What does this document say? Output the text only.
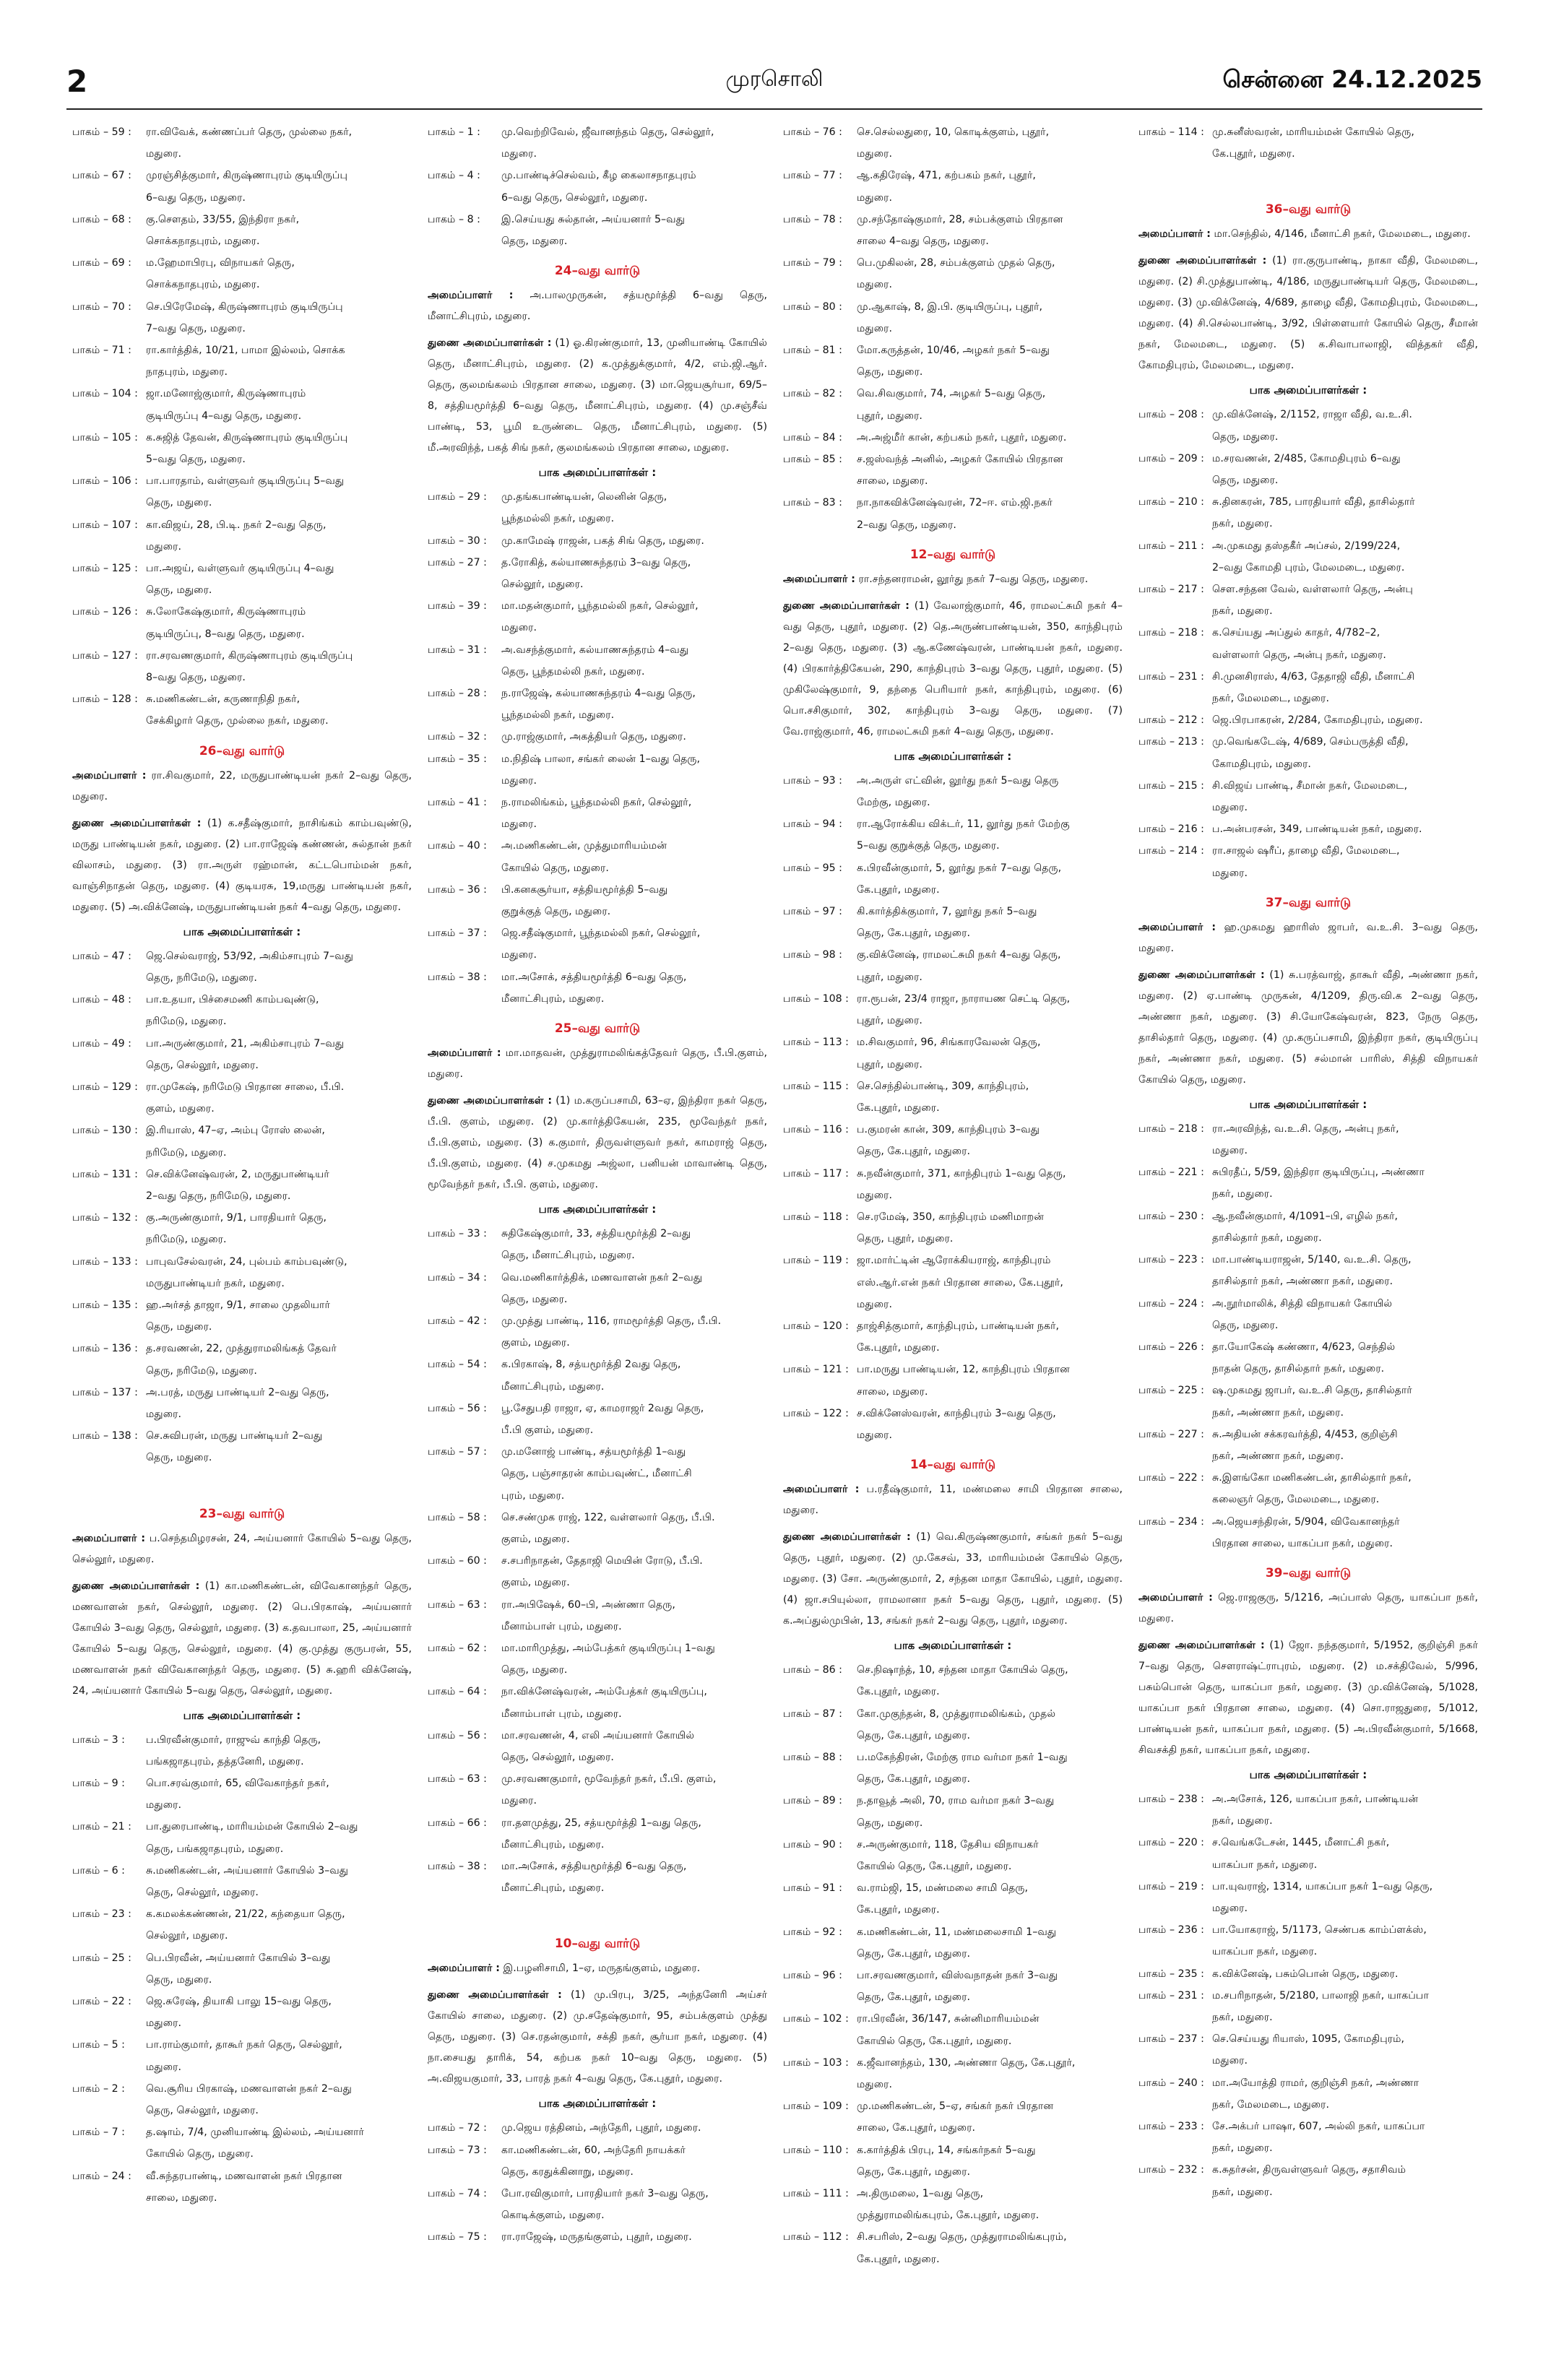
2	முரசொலி	சென்னை 24.12.2025
பாகம் – 59 :	ரா.விவேக், கண்ணப்பர் தெரு, முல்லை நகர்,
மதுரை.
பாகம் – 67 :	முரஞ்சித்குமார், கிருஷ்ணாபுரம் குடியிருப்பு
6–வது தெரு, மதுரை.
பாகம் – 68 :	கு.சௌதம், 33/55, இந்திரா நகர்,
சொக்கநாதபுரம், மதுரை.
பாகம் – 69 :	ம.ஹேமாபிரபு, விநாயகர் தெரு,
சொக்கநாதபுரம், மதுரை.
பாகம் – 70 :	செ.பிரேமேஷ், கிருஷ்ணாபுரம் குடியிருப்பு
7–வது தெரு, மதுரை.
பாகம் – 71 :	ரா.கார்த்திக், 10/21, பாமா இல்லம், சொக்க
நாதபுரம், மதுரை.
பாகம் – 104 : ஜா.மனோஜ்குமார், கிருஷ்ணாபுரம்
குடியிருப்பு 4–வது தெரு, மதுரை.
பாகம் – 105 : க.சுஜித் தேவன், கிருஷ்ணாபுரம் குடியிருப்பு
5–வது தெரு, மதுரை.
பாகம் – 106 : பா.பாரதாம், வள்ளுவர் குடியிருப்பு 5–வது
தெரு, மதுரை.
பாகம் – 107 : கா.விஜய், 28, பி.டி. நகர் 2–வது தெரு,
மதுரை.
பாகம் – 125 : பா.அஜய், வள்ளுவர் குடியிருப்பு 4–வது
தெரு, மதுரை.
பாகம் – 126 : சு.லோகேஷ்குமார், கிருஷ்ணாபுரம்
குடியிருப்பு, 8–வது தெரு, மதுரை.
பாகம் – 127 : ரா.சரவணகுமார், கிருஷ்ணாபுரம் குடியிருப்பு
8–வது தெரு, மதுரை.
பாகம் – 128 : சு.மணிகண்டன், கருணாநிதி நகர்,
சேக்கிழார் தெரு, முல்லை நகர், மதுரை.
26–வது வார்டு
அமைப்பாளர் : ரா.சிவகுமார், 22, மருதுபாண்டியன் நகர் 2–வது தெரு, மதுரை.
துணை அமைப்பாளர்கள் : (1) க.சதீஷ்குமார், நாசிங்கம் காம்பவுண்டு, மருது பாண்டியன் நகர், மதுரை. (2) பா.ராஜேஷ் கண்ணன், சுல்தான் நகர் விலாசம், மதுரை. (3) ரா.அருள் ரஹ்மான், கட்டபொம்மன் நகர், வாஞ்சிநாதன் தெரு, மதுரை. (4) குடியரசு, 19,மருது பாண்டியன் நகர், மதுரை. (5) அ.விக்னேஷ், மருதுபாண்டியன் நகர் 4–வது தெரு, மதுரை.
பாக அமைப்பாளர்கள் :
பாகம் – 47 :	ஜெ.செல்வராஜ், 53/92, அகிம்சாபுரம் 7–வது
தெரு, நரிமேடு, மதுரை.
பாகம் – 48 :	பா.உதயா, பிச்சைமணி காம்பவுண்டு,
நரிமேடு, மதுரை.
பாகம் – 49 :	பா.அருண்குமார், 21, அகிம்சாபுரம் 7–வது
தெரு, செல்லூர், மதுரை.
பாகம் – 129 : ரா.முகேஷ், நரிமேடு பிரதான சாலை, பீ.பி.
குளம், மதுரை.
பாகம் – 130 : இ.ரியாஸ், 47–ஏ, அம்பு ரோஸ் லைன்,
நரிமேடு, மதுரை.
பாகம் – 131 : செ.விக்னேஷ்வரன், 2, மருதுபாண்டியர்
2–வது தெரு, நரிமேடு, மதுரை.
பாகம் – 132 : கு.அருண்குமார், 9/1, பாரதியார் தெரு,
நரிமேடு, மதுரை.
பாகம் – 133 : பாபுவசேல்வரன், 24, புல்பம் காம்பவுண்டு,
மருதுபாண்டியர் நகர், மதுரை.
பாகம் – 135 : ஹ.அர்சத் தாஜா, 9/1, சாலை முதலியார்
தெரு, மதுரை.
பாகம் – 136 : த.சரவணன், 22, முத்துராமலிங்கத் தேவர்
தெரு, நரிமேடு, மதுரை.
பாகம் – 137 : அ.பரத், மருது பாண்டியர் 2–வது தெரு,
மதுரை.
பாகம் – 138 : செ.சுவிபரன், மருது பாண்டியர் 2–வது
தெரு, மதுரை.
23–வது வார்டு
அமைப்பாளர் : ப.செந்தமிழரசன், 24, அய்யனார் கோயில் 5–வது தெரு, செல்லூர், மதுரை.
துணை அமைப்பாளர்கள் : (1) கா.மணிகண்டன், விவேகானந்தர் தெரு, மணவாளன் நகர், செல்லூர், மதுரை. (2) பெ.பிரகாஷ், அய்யனார் கோயில் 3–வது தெரு, செல்லூர், மதுரை. (3) க.தவபாலா, 25, அய்யனார் கோயில் 5–வது தெரு, செல்லூர், மதுரை. (4) கு.முத்து குருபரன், 55, மணவாளன் நகர் விவேகானந்தர் தெரு, மதுரை. (5) சு.ஹரி விக்னேஷ், 24, அய்யனார் கோயில் 5–வது தெரு, செல்லூர், மதுரை.
பாக அமைப்பாளர்கள் :
பாகம் – 3 :	ப.பிரவீன்குமார், ராஜுவ் காந்தி தெரு,
பங்கஜாதபுரம், தத்தனேரி, மதுரை.
பாகம் – 9 :	பொ.சரவ்குமார், 65, விவேகாந்தர் நகர்,
மதுரை.
பாகம் – 21 :	பா.துரைபாண்டி, மாரியம்மன் கோயில் 2–வது
தெரு, பங்கஜாதபுரம், மதுரை.
பாகம் – 6 :	சு.மணிகண்டன், அய்யனார் கோயில் 3–வது
தெரு, செல்லூர், மதுரை.
பாகம் – 23 :	க.கமலக்கண்ணன், 21/22, கந்தையா தெரு,
செல்லூர், மதுரை.
பாகம் – 25 :	பெ.பிரவீன், அய்யனார் கோயில் 3–வது
தெரு, மதுரை.
பாகம் – 22 :	ஜெ.சுரேஷ், தியாகி பாலு 15–வது தெரு,
மதுரை.
பாகம் – 5 :	பா.ராம்குமார், தாகூர் நகர் தெரு, செல்லூர்,
மதுரை.
பாகம் – 2 :	வெ.சூரிய பிரகாஷ், மணவாளன் நகர் 2–வது
தெரு, செல்லூர், மதுரை.
பாகம் – 7 :	த.ஷாம், 7/4, முனியாண்டி இல்லம், அய்யனார்
கோயில் தெரு, மதுரை.
பாகம் – 24 :	வீ.சுந்தரபாண்டி, மணவாளன் நகர் பிரதான
சாலை, மதுரை.
பாகம் – 1 :	மு.வெற்றிவேல், ஜீவானந்தம் தெரு, செல்லூர்,
மதுரை.
பாகம் – 4 :	மு.பாண்டிச்செல்வம், கீழ கைலாசநாதபுரம்
6–வது தெரு, செல்லூர், மதுரை.
பாகம் – 8 :	இ.செய்யது சுல்தான், அய்யனார் 5–வது
தெரு, மதுரை.
24–வது வார்டு
அமைப்பாளர் : அ.பாலமுருகன், சத்யமூர்த்தி 6–வது தெரு, மீனாட்சிபுரம், மதுரை.
துணை அமைப்பாளர்கள் : (1) ஓ.கிரண்குமார், 13, முனியாண்டி கோயில் தெரு, மீனாட்சிபுரம், மதுரை. (2) க.முத்துக்குமார், 4/2, எம்.ஜி.ஆர். தெரு, குலமங்கலம் பிரதான சாலை, மதுரை. (3) மா.ஜெயசூர்யா, 69/5–8, சத்தியமூர்த்தி 6–வது தெரு, மீனாட்சிபுரம், மதுரை. (4) மு.சஞ்சீவ் பாண்டி, 53, பூமி உருண்டை தெரு, மீனாட்சிபுரம், மதுரை. (5) மீ.அரவிந்த், பகத் சிங் நகர், குலமங்கலம் பிரதான சாலை, மதுரை.
பாக அமைப்பாளர்கள் :
பாகம் – 29 :	மு.தங்கபாண்டியன், லெனின் தெரு,
பூந்தமல்லி நகர், மதுரை.
பாகம் – 30 :	மு.காமேஷ் ராஜன், பகத் சிங் தெரு, மதுரை.
பாகம் – 27 :	த.ரோகித், கல்யாணசுந்தரம் 3–வது தெரு,
செல்லூர், மதுரை.
பாகம் – 39 :	மா.மதன்குமார், பூந்தமல்லி நகர், செல்லூர்,
மதுரை.
பாகம் – 31 :	அ.வசந்த்குமார், கல்யாணசுந்தரம் 4–வது
தெரு, பூந்தமல்லி நகர், மதுரை.
பாகம் – 28 :	ந.ராஜேஷ், கல்யாணசுந்தரம் 4–வது தெரு,
பூந்தமல்லி நகர், மதுரை.
பாகம் – 32 :	மு.ராஜ்குமார், அகத்தியர் தெரு, மதுரை.
பாகம் – 35 :	ம.நிதிஷ் பாலா, சங்கர் லைன் 1–வது தெரு,
மதுரை.
பாகம் – 41 :	ந.ராமலிங்கம், பூந்தமல்லி நகர், செல்லூர்,
மதுரை.
பாகம் – 40 :	அ.மணிகண்டன், முத்துமாரியம்மன்
கோயில் தெரு, மதுரை.
பாகம் – 36 :	பி.கனகசூர்யா, சத்தியமூர்த்தி 5–வது
குறுக்குத் தெரு, மதுரை.
பாகம் – 37 :	ஜெ.சதீஷ்குமார், பூந்தமல்லி நகர், செல்லூர்,
மதுரை.
பாகம் – 38 :	மா.அசோக், சத்தியமூர்த்தி 6–வது தெரு,
மீனாட்சிபுரம், மதுரை.
25–வது வார்டு
அமைப்பாளர் : மா.மாதவன், முத்துராமலிங்கத்தேவர் தெரு, பீ.பி.குளம், மதுரை.
துணை அமைப்பாளர்கள் : (1) ம.கருப்பசாமி, 63–ஏ, இந்திரா நகர் தெரு, பீ.பி. குளம், மதுரை. (2) மு.கார்த்திகேயன், 235, மூவேந்தர் நகர், பீ.பி.குளம், மதுரை. (3) க.குமார், திருவள்ளுவர் நகர், காமராஜ் தெரு, பீ.பி.குளம், மதுரை. (4) ச.முகமது அஜ்லா, பனியன் மாவாண்டி தெரு, மூவேந்தர் நகர், பீ.பி. குளம், மதுரை.
பாக அமைப்பாளர்கள் :
பாகம் – 33 :	சுதிகேஷ்குமார், 33, சத்தியமூர்த்தி 2–வது
தெரு, மீனாட்சிபுரம், மதுரை.
பாகம் – 34 :	வெ.மணிகார்த்திக், மணவாளன் நகர் 2–வது
தெரு, மதுரை.
பாகம் – 42 :	மு.முத்து பாண்டி, 116, ராமமூர்த்தி தெரு, பீ.பி.
குளம், மதுரை.
பாகம் – 54 :	க.பிரகாஷ், 8, சத்யமூர்த்தி 2வது தெரு,
மீனாட்சிபுரம், மதுரை.
பாகம் – 56 :	பூ.சேதுபதி ராஜா, ஏ, காமராஜர் 2வது தெரு,
பீ.பி குளம், மதுரை.
பாகம் – 57 :	மு.மனோஜ் பாண்டி, சத்யமூர்த்தி 1–வது
தெரு, பஞ்சாதரன் காம்பவுண்ட், மீனாட்சி
புரம், மதுரை.
பாகம் – 58 :	செ.சண்முக ராஜ், 122, வள்ளலார் தெரு, பீ.பி.
குளம், மதுரை.
பாகம் – 60 :	ச.சபரிநாதன், தேதாஜி மெயின் ரோடு, பீ.பி.
குளம், மதுரை.
பாகம் – 63 :	ரா.அபிஷேக், 60–பி, அண்ணா தெரு,
மீனாம்பாள் புரம், மதுரை.
பாகம் – 62 :	மா.மாரிமுத்து, அம்பேத்கர் குடியிருப்பு 1–வது
தெரு, மதுரை.
பாகம் – 64 :	நா.விக்னேஷ்வரன், அம்பேத்கர் குடியிருப்பு,
மீனாம்பாள் புரம், மதுரை.
பாகம் – 56 :	மா.சரவணன், 4, எலி அய்யனார் கோயில்
தெரு, செல்லூர், மதுரை.
பாகம் – 63 :	மு.சரவணகுமார், மூவேந்தர் நகர், பீ.பி. குளம்,
மதுரை.
பாகம் – 66 :	ரா.தளமுத்து, 25, சத்யமூர்த்தி 1–வது தெரு,
மீனாட்சிபுரம், மதுரை.
பாகம் – 38 :	மா.அசோக், சத்தியமூர்த்தி 6–வது தெரு,
மீனாட்சிபுரம், மதுரை.
10–வது வார்டு
அமைப்பாளர் : இ.பழனிசாமி, 1–ஏ, மருதங்குளம், மதுரை.
துணை அமைப்பாளர்கள் : (1) மு.பிரபு, 3/25, அந்தனேரி அய்சர் கோயில் சாலை, மதுரை. (2) மு.சதேஷ்குமார், 95, சம்பக்குளம் முத்து தெரு, மதுரை. (3) செ.ரதன்குமார், சக்தி நகர், சூர்யா நகர், மதுரை. (4) நா.சையது தாரிக், 54, கற்பக நகர் 10–வது தெரு, மதுரை. (5) அ.விஜயகுமார், 33, பாரத் நகர் 4–வது தெரு, கே.புதூர், மதுரை.
பாக அமைப்பாளர்கள் :
பாகம் – 72 :	மு.ஜெய ரத்தினம், அந்தேரி, புதூர், மதுரை.
பாகம் – 73 :	கா.மணிகண்டன், 60, அந்தேரி நாயக்கர்
தெரு, கரதுக்கினாறு, மதுரை.
பாகம் – 74 :	போ.ரவிகுமார், பாரதியார் நகர் 3–வது தெரு,
கொடிக்குளம், மதுரை.
பாகம் – 75 :	ரா.ராஜேஷ், மருதங்குளம், புதூர், மதுரை.
பாகம் – 76 :	செ.செல்லதுரை, 10, கொடிக்குளம், புதூர்,
மதுரை.
பாகம் – 77 :	ஆ.கதிரேஷ், 471, கற்பகம் நகர், புதூர்,
மதுரை.
பாகம் – 78 :	மு.சந்தோஷ்குமார், 28, சம்பக்குளம் பிரதான
சாலை 4–வது தெரு, மதுரை.
பாகம் – 79 :	பெ.முகிலன், 28, சம்பக்குளம் முதல் தெரு,
மதுரை.
பாகம் – 80 :	மு.ஆகாஷ், 8, இ.பி. குடியிருப்பு, புதூர்,
மதுரை.
பாகம் – 81 :	மோ.கருத்தன், 10/46, அழகர் நகர் 5–வது
தெரு, மதுரை.
பாகம் – 82 :	வெ.சிவகுமார், 74, அழகர் 5–வது தெரு,
புதூர், மதுரை.
பாகம் – 84 :	அ.அஜ்மீர் கான், கற்பகம் நகர், புதூர், மதுரை.
பாகம் – 85 :	ச.ஜஸ்வந்த் அனில், அழகர் கோயில் பிரதான
சாலை, மதுரை.
பாகம் – 83 :	நா.நாகவிக்னேஷ்வரன், 72–ஈ. எம்.ஜி.நகர்
2–வது தெரு, மதுரை.
12–வது வார்டு
அமைப்பாளர் : ரா.சந்தனராமன், லூர்து நகர் 7–வது தெரு, மதுரை.
துணை அமைப்பாளர்கள் : (1) வேலாஜ்குமார், 46, ராமலட்சுமி நகர் 4–வது தெரு, புதூர், மதுரை. (2) தெ.அருண்பாண்டியன், 350, காந்திபுரம் 2–வது தெரு, மதுரை. (3) ஆ.கணேஷ்வரன், பாண்டியன் நகர், மதுரை. (4) பிரகார்த்திகேயன், 290, காந்திபுரம் 3–வது தெரு, புதூர், மதுரை. (5) முகிலேஷ்குமார், 9, தந்தை பெரியார் நகர், காந்திபுரம், மதுரை. (6) பொ.சசிகுமார், 302, காந்திபுரம் 3–வது தெரு, மதுரை. (7) வே.ராஜ்குமார், 46, ராமலட்சுமி நகர் 4–வது தெரு, மதுரை.
பாக அமைப்பாளர்கள் :
பாகம் – 93 :	அ.அருள் எட்வின், லூர்து நகர் 5–வது தெரு
மேற்கு, மதுரை.
பாகம் – 94 :	ரா.ஆரோக்கிய விக்டர், 11, லூர்து நகர் மேற்கு
5–வது குறுக்குத் தெரு, மதுரை.
பாகம் – 95 :	க.பிரவீன்குமார், 5, லூர்து நகர் 7–வது தெரு,
கே.புதூர், மதுரை.
பாகம் – 97 :	கி.கார்த்திக்குமார், 7, லூர்து நகர் 5–வது
தெரு, கே.புதூர், மதுரை.
பாகம் – 98 :	கு.விக்னேஷ், ராமலட்சுமி நகர் 4–வது தெரு,
புதூர், மதுரை.
பாகம் – 108 : ரா.ரூபன், 23/4 ராஜா, நாராயண செட்டி தெரு,
புதூர், மதுரை.
பாகம் – 113 : ம.சிவகுமார், 96, சிங்காரவேலன் தெரு,
புதூர், மதுரை.
பாகம் – 115 : செ.செந்தில்பாண்டி, 309, காந்திபுரம்,
கே.புதூர், மதுரை.
பாகம் – 116 : ப.குமரன் கான், 309, காந்திபுரம் 3–வது
தெரு, கே.புதூர், மதுரை.
பாகம் – 117 : சு.நவீன்குமார், 371, காந்திபுரம் 1–வது தெரு,
மதுரை.
பாகம் – 118 : செ.ரமேஷ், 350, காந்திபுரம் மணிமாறன்
தெரு, புதூர், மதுரை.
பாகம் – 119 : ஜா.மார்ட்டின் ஆரோக்கியராஜ், காந்திபுரம்
எஸ்.ஆர்.என் நகர் பிரதான சாலை, கே.புதூர்,
மதுரை.
பாகம் – 120 : தாஜ்சித்குமார், காந்திபுரம், பாண்டியன் நகர்,
கே.புதூர், மதுரை.
பாகம் – 121 : பா.மருது பாண்டியன், 12, காந்திபுரம் பிரதான
சாலை, மதுரை.
பாகம் – 122 : ச.விக்னேஸ்வரன், காந்திபுரம் 3–வது தெரு,
மதுரை.
14–வது வார்டு
அமைப்பாளர் : ப.ரதீஷ்குமார், 11, மண்மலை சாமி பிரதான சாலை, மதுரை.
துணை அமைப்பாளர்கள் : (1) வெ.கிருஷ்ணகுமார், சங்கர் நகர் 5–வது தெரு, புதூர், மதுரை. (2) மு.கேசவ், 33, மாரியம்மன் கோயில் தெரு, மதுரை. (3) சோ. அருண்குமார், 2, சந்தன மாதா கோயில், புதூர், மதுரை. (4) ஜா.சபியுல்லா, ராமலானா நகர் 5–வது தெரு, புதூர், மதுரை. (5) க.அப்துல்முபின், 13, சங்கர் நகர் 2–வது தெரு, புதூர், மதுரை.
பாக அமைப்பாளர்கள் :
பாகம் – 86 :	செ.நிஷாந்த், 10, சந்தன மாதா கோயில் தெரு,
கே.புதூர், மதுரை.
பாகம் – 87 :	கோ.முகுந்தன், 8, முத்துராமலிங்கம், முதல்
தெரு, கே.புதூர், மதுரை.
பாகம் – 88 :	ப.மகேந்திரன், மேற்கு ராம வர்மா நகர் 1–வது
தெரு, கே.புதூர், மதுரை.
பாகம் – 89 :	ந.தாவூத் அலி, 70, ராம வர்மா நகர் 3–வது
தெரு, மதுரை.
பாகம் – 90 :	ச.அருண்குமார், 118, தேசிய விநாயகர்
கோயில் தெரு, கே.புதூர், மதுரை.
பாகம் – 91 :	வ.ராம்ஜி, 15, மண்மலை சாமி தெரு,
கே.புதூர், மதுரை.
பாகம் – 92 :	க.மணிகண்டன், 11, மண்மலைசாமி 1–வது
தெரு, கே.புதூர், மதுரை.
பாகம் – 96 :	பா.சரவணகுமார், விஸ்வநாதன் நகர் 3–வது
தெரு, கே.புதூர், மதுரை.
பாகம் – 102 : ரா.பிரவீன், 36/147, சுன்னிமாரியம்மன்
கோயில் தெரு, கே.புதூர், மதுரை.
பாகம் – 103 : க.ஜீவானந்தம், 130, அண்ணா தெரு, கே.புதூர்,
மதுரை.
பாகம் – 109 : மு.மணிகண்டன், 5–ஏ, சங்கர் நகர் பிரதான
சாலை, கே.புதூர், மதுரை.
பாகம் – 110 : க.கார்த்திக் பிரபு, 14, சங்கர்நகர் 5–வது
தெரு, கே.புதூர், மதுரை.
பாகம் – 111 : அ.திருமலை, 1–வது தெரு,
முத்துராமலிங்கபுரம், கே.புதூர், மதுரை.
பாகம் – 112 : சி.சபரிஸ், 2–வது தெரு, முத்துராமலிங்கபுரம்,
கே.புதூர், மதுரை.
பாகம் – 114 : மு.சுனீஸ்வரன், மாரியம்மன் கோயில் தெரு,
கே.புதூர், மதுரை.
36–வது வார்டு
அமைப்பாளர் : மா.செந்தில், 4/146, மீனாட்சி நகர், மேலமடை, மதுரை.
துணை அமைப்பாளர்கள் : (1) ரா.குருபாண்டி, நாகா வீதி, மேலமடை, மதுரை. (2) சி.முத்துபாண்டி, 4/186, மருதுபாண்டியர் தெரு, மேலமடை, மதுரை. (3) மு.விக்னேஷ், 4/689, தாழை வீதி, கோமதிபுரம், மேலமடை, மதுரை. (4) சி.செல்லபாண்டி, 3/92, பிள்ளையார் கோயில் தெரு, சீமான் நகர், மேலமடை, மதுரை. (5) க.சிவாபாலாஜி, வித்தகர் வீதி, கோமதிபுரம், மேலமடை, மதுரை.
பாக அமைப்பாளர்கள் :
பாகம் – 208 : மு.விக்னேஷ், 2/1152, ராஜா வீதி, வ.உ.சி.
தெரு, மதுரை.
பாகம் – 209 : ம.சரவணன், 2/485, கோமதிபுரம் 6–வது
தெரு, மதுரை.
பாகம் – 210 : சு.தினகரன், 785, பாரதியார் வீதி, தாசில்தார்
நகர், மதுரை.
பாகம் – 211 : அ.முகமது தஸ்தகீர் அப்சல், 2/199/224,
2–வது கோமதி புரம், மேலமடை, மதுரை.
பாகம் – 217 : செள.சந்தன வேல், வள்ளலார் தெரு, அன்பு
நகர், மதுரை.
பாகம் – 218 : க.செய்யது அப்துல் காதர், 4/782–2,
வள்ளலார் தெரு, அன்பு நகர், மதுரை.
பாகம் – 231 : சி.முனசிராஸ், 4/63, தேதாஜி வீதி, மீனாட்சி
நகர், மேலமடை, மதுரை.
பாகம் – 212 : ஜெ.பிரபாகரன், 2/284, கோமதிபுரம், மதுரை.
பாகம் – 213 : மு.வெங்கடேஷ், 4/689, செம்பருத்தி வீதி,
கோமதிபுரம், மதுரை.
பாகம் – 215 : சி.விஜய் பாண்டி, சீமான் நகர், மேலமடை,
மதுரை.
பாகம் – 216 : ப.அன்பரசன், 349, பாண்டியன் நகர், மதுரை.
பாகம் – 214 : ரா.சாஜல் ஷரீப், தாழை வீதி, மேலமடை,
மதுரை.
37–வது வார்டு
அமைப்பாளர் : ஹ.முகமது ஹாரிஸ் ஜாபர், வ.உ.சி. 3–வது தெரு, மதுரை.
துணை அமைப்பாளர்கள் : (1) சு.பரத்வாஜ், தாகூர் வீதி, அண்ணா நகர், மதுரை. (2) ஏ.பாண்டி முருகன், 4/1209, திரு.வி.க 2–வது தெரு, அண்ணா நகர், மதுரை. (3) சி.யோகேஷ்வரன், 823, நேரு தெரு, தாசில்தார் தெரு, மதுரை. (4) மு.கருப்பசாமி, இந்திரா நகர், குடியிருப்பு நகர், அண்ணா நகர், மதுரை. (5) சல்மான் பாரிஸ், சித்தி விநாயகர் கோயில் தெரு, மதுரை.
பாக அமைப்பாளர்கள் :
பாகம் – 218 : ரா.அரவிந்த், வ.உ.சி. தெரு, அன்பு நகர்,
மதுரை.
பாகம் – 221 : சுபிரதீப், 5/59, இந்திரா குடியிருப்பு, அண்ணா
நகர், மதுரை.
பாகம் – 230 : ஆ.நவீன்குமார், 4/1091–பி, எழில் நகர்,
தாசில்தார் நகர், மதுரை.
பாகம் – 223 : மா.பாண்டியராஜன், 5/140, வ.உ.சி. தெரு,
தாசில்தார் நகர், அண்ணா நகர், மதுரை.
பாகம் – 224 : அ.நூர்மாலிக், சித்தி விநாயகர் கோயில்
தெரு, மதுரை.
பாகம் – 226 : தா.யோகேஷ் கண்ணா, 4/623, செந்தில்
நாதன் தெரு, தாசில்தார் நகர், மதுரை.
பாகம் – 225 : ஷ.முகமது ஜாபர், வ.உ.சி தெரு, தாசில்தார்
நகர், அண்ணா நகர், மதுரை.
பாகம் – 227 : சு.அதியன் சக்கரவர்த்தி, 4/453, குறிஞ்சி
நகர், அண்ணா நகர், மதுரை.
பாகம் – 222 : சு.இளங்கோ மணிகண்டன், தாசில்தார் நகர்,
கலைஞர் தெரு, மேலமடை, மதுரை.
பாகம் – 234 : அ.ஜெயசந்திரன், 5/904, விவேகானந்தர்
பிரதான சாலை, யாகப்பா நகர், மதுரை.
39–வது வார்டு
அமைப்பாளர் : ஜெ.ராஜகுரு, 5/1216, அப்பாஸ் தெரு, யாகப்பா நகர், மதுரை.
துணை அமைப்பாளர்கள் : (1) ஜோ. நந்தகுமார், 5/1952, குறிஞ்சி நகர் 7–வது தெரு, சௌராஷ்ட்ராபுரம், மதுரை. (2) ம.சக்திவேல், 5/996, பசும்பொன் தெரு, யாகப்பா நகர், மதுரை. (3) மு.விக்னேஷ், 5/1028, யாகப்பா நகர் பிரதான சாலை, மதுரை. (4) சொ.ராஜதுரை, 5/1012, பாண்டியன் நகர், யாகப்பா நகர், மதுரை. (5) அ.பிரவீன்குமார், 5/1668, சிவசக்தி நகர், யாகப்பா நகர், மதுரை.
பாக அமைப்பாளர்கள் :
பாகம் – 238 : அ.அசோக், 126, யாகப்பா நகர், பாண்டியன்
நகர், மதுரை.
பாகம் – 220 : ச.வெங்கடேசன், 1445, மீனாட்சி நகர்,
யாகப்பா நகர், மதுரை.
பாகம் – 219 : பா.யுவராஜ், 1314, யாகப்பா நகர் 1–வது தெரு,
மதுரை.
பாகம் – 236 : பா.யோகராஜ், 5/1173, செண்பக காம்ப்ளக்ஸ்,
யாகப்பா நகர், மதுரை.
பாகம் – 235 : க.விக்னேஷ், பசும்பொன் தெரு, மதுரை.
பாகம் – 231 : ம.சபரிநாதன், 5/2180, பாலாஜி நகர், யாகப்பா
நகர், மதுரை.
பாகம் – 237 : செ.செய்யது ரியாஸ், 1095, கோமதிபுரம்,
மதுரை.
பாகம் – 240 : மா.அயோத்தி ராமர், குறிஞ்சி நகர், அண்ணா
நகர், மேலமடை, மதுரை.
பாகம் – 233 : சே.அக்பர் பாஷா, 607, அல்லி நகர், யாகப்பா
நகர், மதுரை.
பாகம் – 232 : க.சுதர்சன், திருவள்ளுவர் தெரு, சதாசிவம்
நகர், மதுரை.
